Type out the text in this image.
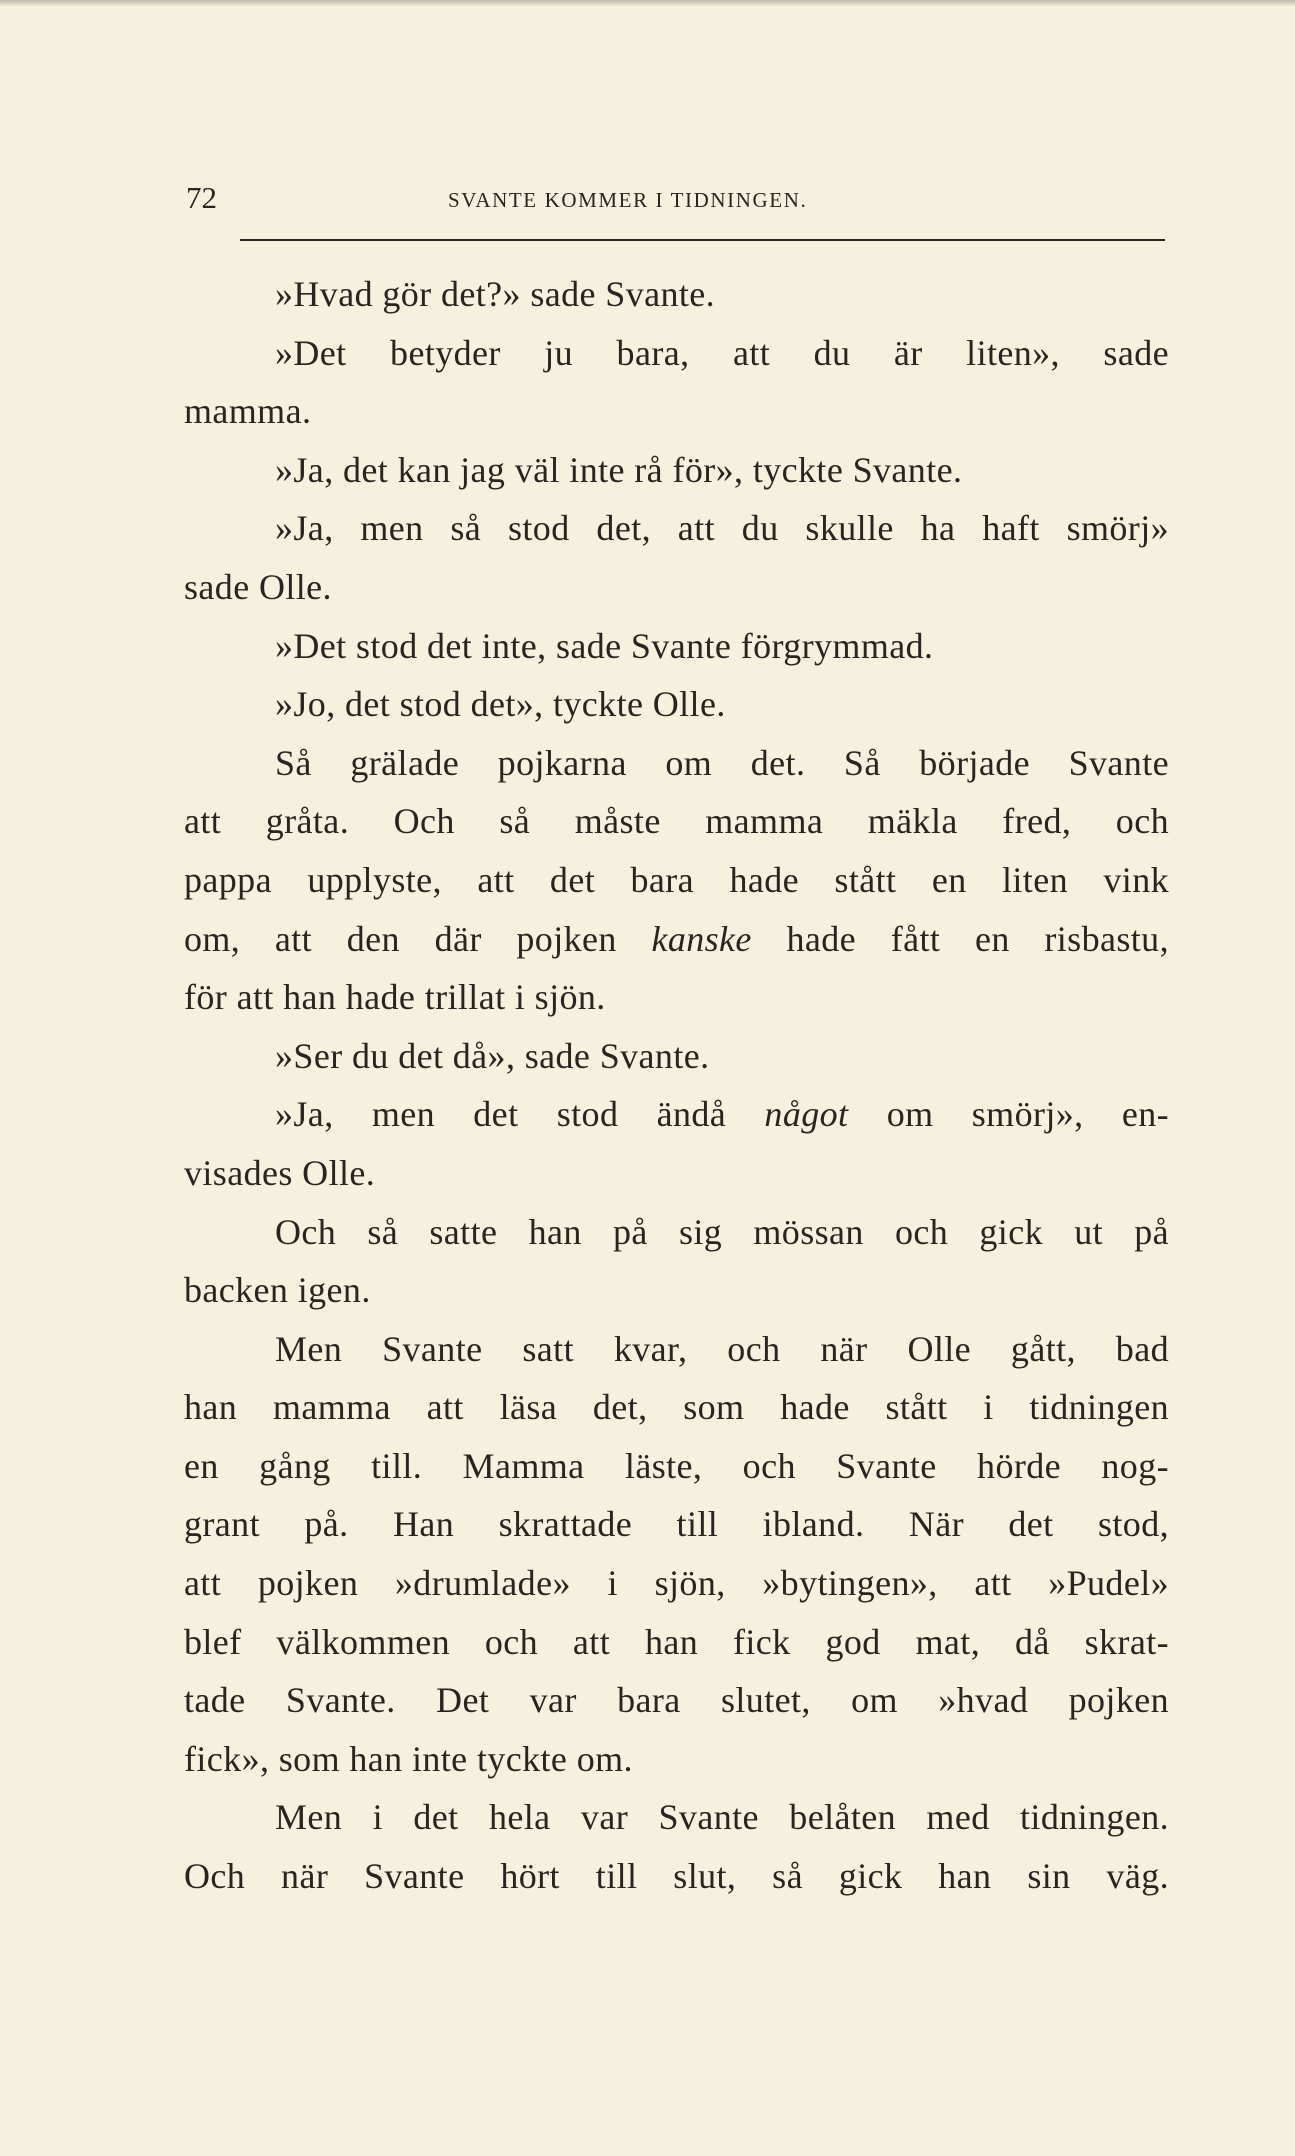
72	SVANTE KOMMER I TIDNINGEN.
»Hvad gör det?» sade Svante.
»Det betyder ju bara, att du är liten», sade
mamma.
»Ja, det kan jag väl inte rå för», tyckte Svante.
»Ja, men så stod det, att du skulle ha haft smörj»
sade Olle.
»Det stod det inte, sade Svante förgrymmad.
»Jo, det stod det», tyckte Olle.
Så grälade pojkarna om det. Så började Svante
att gråta. Och så måste mamma mäkla fred, och
pappa upplyste, att det bara hade stått en liten vink
om, att den där pojken kanske hade fått en risbastu,
för att han hade trillat i sjön.
»Ser du det då», sade Svante.
»Ja, men det stod ändå något om smörj», en-
visades Olle.
Och så satte han på sig mössan och gick ut på
backen igen.
Men Svante satt kvar, och när Olle gått, bad
han mamma att läsa det, som hade stått i tidningen
en gång till. Mamma läste, och Svante hörde nog-
grant på. Han skrattade till ibland. När det stod,
att pojken »drumlade» i sjön, »bytingen», att »Pudel»
blef välkommen och att han fick god mat, då skrat-
tade Svante. Det var bara slutet, om »hvad pojken
fick», som han inte tyckte om.
Men i det hela var Svante belåten med tidningen.
Och när Svante hört till slut, så gick han sin väg.
